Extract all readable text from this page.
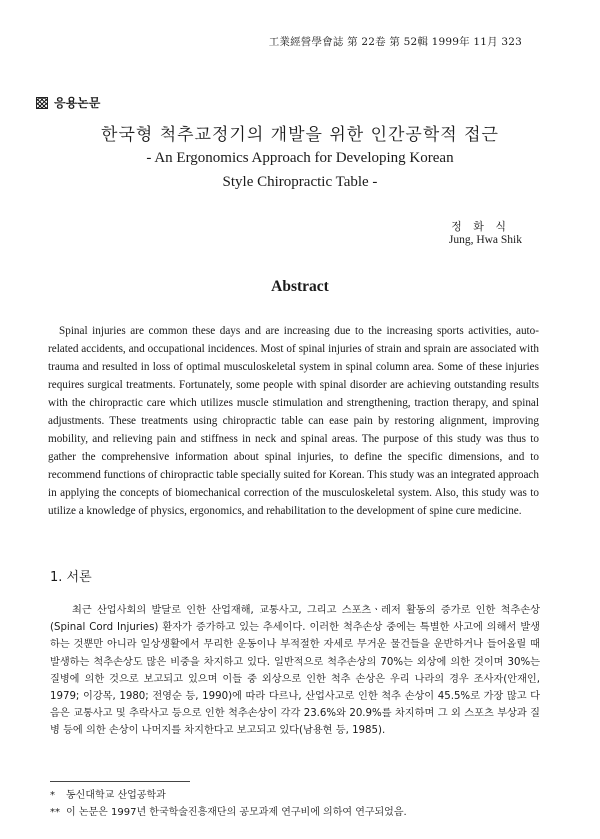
工業經營學會誌 第 22卷 第 52輯 1999年 11月 323
응용논문
한국형 척추교정기의 개발을 위한 인간공학적 접근
- An Ergonomics Approach for Developing Korean
Style Chiropractic Table -
정 화 식
Jung, Hwa Shik
Abstract
Spinal injuries are common these days and are increasing due to the increasing sports activities, auto-related accidents, and occupational incidences. Most of spinal injuries of strain and sprain are associated with trauma and resulted in loss of optimal musculoskeletal system in spinal column area. Some of these injuries requires surgical treatments. Fortunately, some people with spinal disorder are achieving outstanding results with the chiropractic care which utilizes muscle stimulation and strengthening, traction therapy, and spinal adjustments. These treatments using chiropractic table can ease pain by restoring alignment, improving mobility, and relieving pain and stiffness in neck and spinal areas. The purpose of this study was thus to gather the comprehensive information about spinal injuries, to define the specific dimensions, and to recommend functions of chiropractic table specially suited for Korean. This study was an integrated approach in applying the concepts of biomechanical correction of the musculoskeletal system. Also, this study was to utilize a knowledge of physics, ergonomics, and rehabilitation to the development of spine cure medicine.
1. 서론
최근 산업사회의 발달로 인한 산업재해, 교통사고, 그리고 스포츠ㆍ레저 활동의 증가로 인한 척추손상(Spinal Cord Injuries) 환자가 증가하고 있는 추세이다. 이러한 척추손상 중에는 특별한 사고에 의해서 발생하는 것뿐만 아니라 일상생활에서 무리한 운동이나 부적절한 자세로 무거운 물건들을 운반하거나 들어올릴 때 발생하는 척추손상도 많은 비중을 차지하고 있다. 일반적으로 척추손상의 70%는 외상에 의한 것이며 30%는 질병에 의한 것으로 보고되고 있으며 이들 중 외상으로 인한 척추 손상은 우리 나라의 경우 조사자(안재인, 1979; 이강목, 1980; 전영순 등, 1990)에 따라 다르나, 산업사고로 인한 척추 손상이 45.5%로 가장 많고 다음은 교통사고 및 추락사고 등으로 인한 척추손상이 각각 23.6%와 20.9%를 차지하며 그 외 스포츠 부상과 질병 등에 의한 손상이 나머지를 차지한다고 보고되고 있다(남용현 등, 1985).
* 동신대학교 산업공학과
** 이 논문은 1997년 한국학술진흥재단의 공모과제 연구비에 의하여 연구되었음.
